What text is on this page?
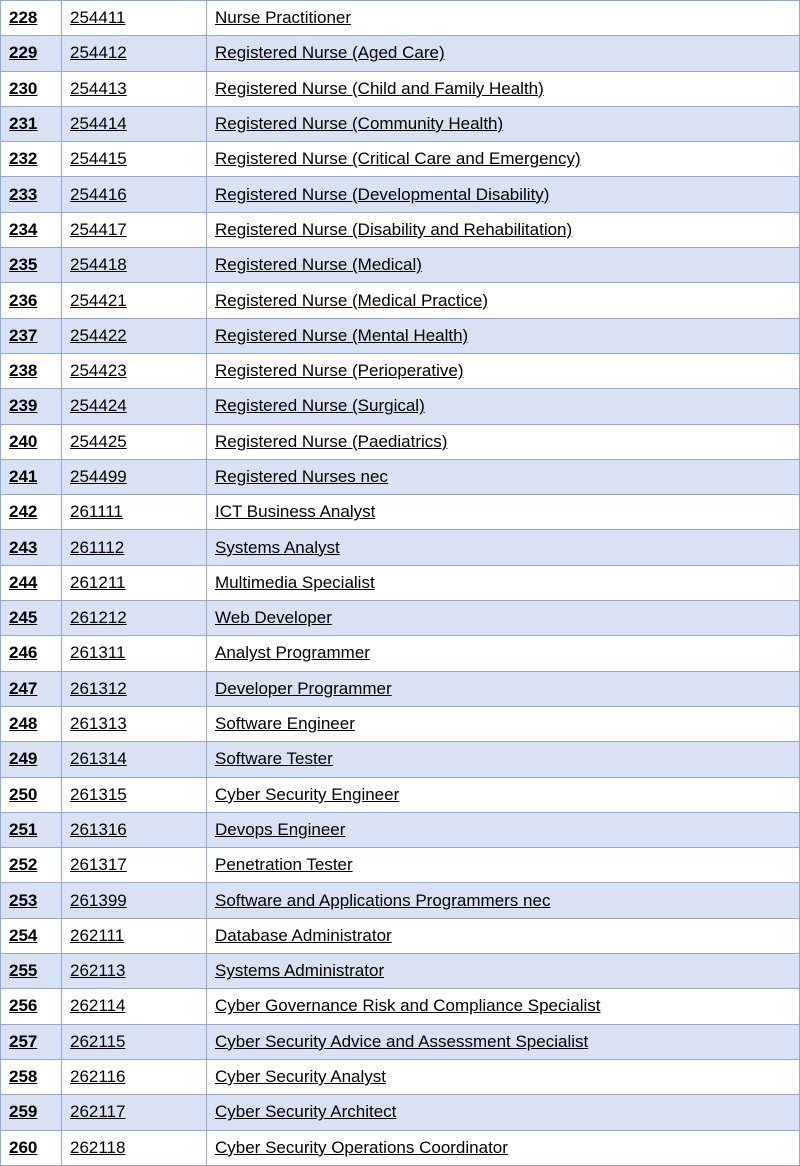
228	254411	Nurse Practitioner
229	254412	Registered Nurse (Aged Care)
230	254413	Registered Nurse (Child and Family Health)
231	254414	Registered Nurse (Community Health)
232	254415	Registered Nurse (Critical Care and Emergency)
233	254416	Registered Nurse (Developmental Disability)
234	254417	Registered Nurse (Disability and Rehabilitation)
235	254418	Registered Nurse (Medical)
236	254421	Registered Nurse (Medical Practice)
237	254422	Registered Nurse (Mental Health)
238	254423	Registered Nurse (Perioperative)
239	254424	Registered Nurse (Surgical)
240	254425	Registered Nurse (Paediatrics)
241	254499	Registered Nurses nec
242	261111	ICT Business Analyst
243	261112	Systems Analyst
244	261211	Multimedia Specialist
245	261212	Web Developer
246	261311	Analyst Programmer
247	261312	Developer Programmer
248	261313	Software Engineer
249	261314	Software Tester
250	261315	Cyber Security Engineer
251	261316	Devops Engineer
252	261317	Penetration Tester
253	261399	Software and Applications Programmers nec
254	262111	Database Administrator
255	262113	Systems Administrator
256	262114	Cyber Governance Risk and Compliance Specialist
257	262115	Cyber Security Advice and Assessment Specialist
258	262116	Cyber Security Analyst
259	262117	Cyber Security Architect
260	262118	Cyber Security Operations Coordinator
